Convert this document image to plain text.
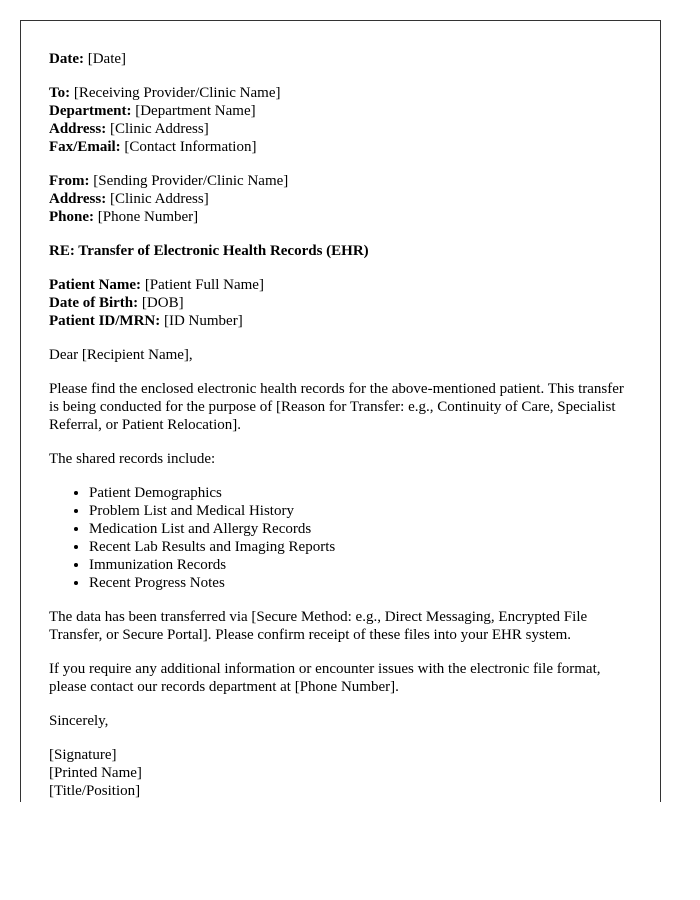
Date: [Date]

To: [Receiving Provider/Clinic Name]
Department: [Department Name]
Address: [Clinic Address]
Fax/Email: [Contact Information]

From: [Sending Provider/Clinic Name]
Address: [Clinic Address]
Phone: [Phone Number]

RE: Transfer of Electronic Health Records (EHR)

Patient Name: [Patient Full Name]
Date of Birth: [DOB]
Patient ID/MRN: [ID Number]

Dear [Recipient Name],

Please find the enclosed electronic health records for the above-mentioned patient. This transfer is being conducted for the purpose of [Reason for Transfer: e.g., Continuity of Care, Specialist Referral, or Patient Relocation].

The shared records include:

• Patient Demographics
• Problem List and Medical History
• Medication List and Allergy Records
• Recent Lab Results and Imaging Reports
• Immunization Records
• Recent Progress Notes

The data has been transferred via [Secure Method: e.g., Direct Messaging, Encrypted File Transfer, or Secure Portal]. Please confirm receipt of these files into your EHR system.

If you require any additional information or encounter issues with the electronic file format, please contact our records department at [Phone Number].

Sincerely,

[Signature]
[Printed Name]
[Title/Position]
